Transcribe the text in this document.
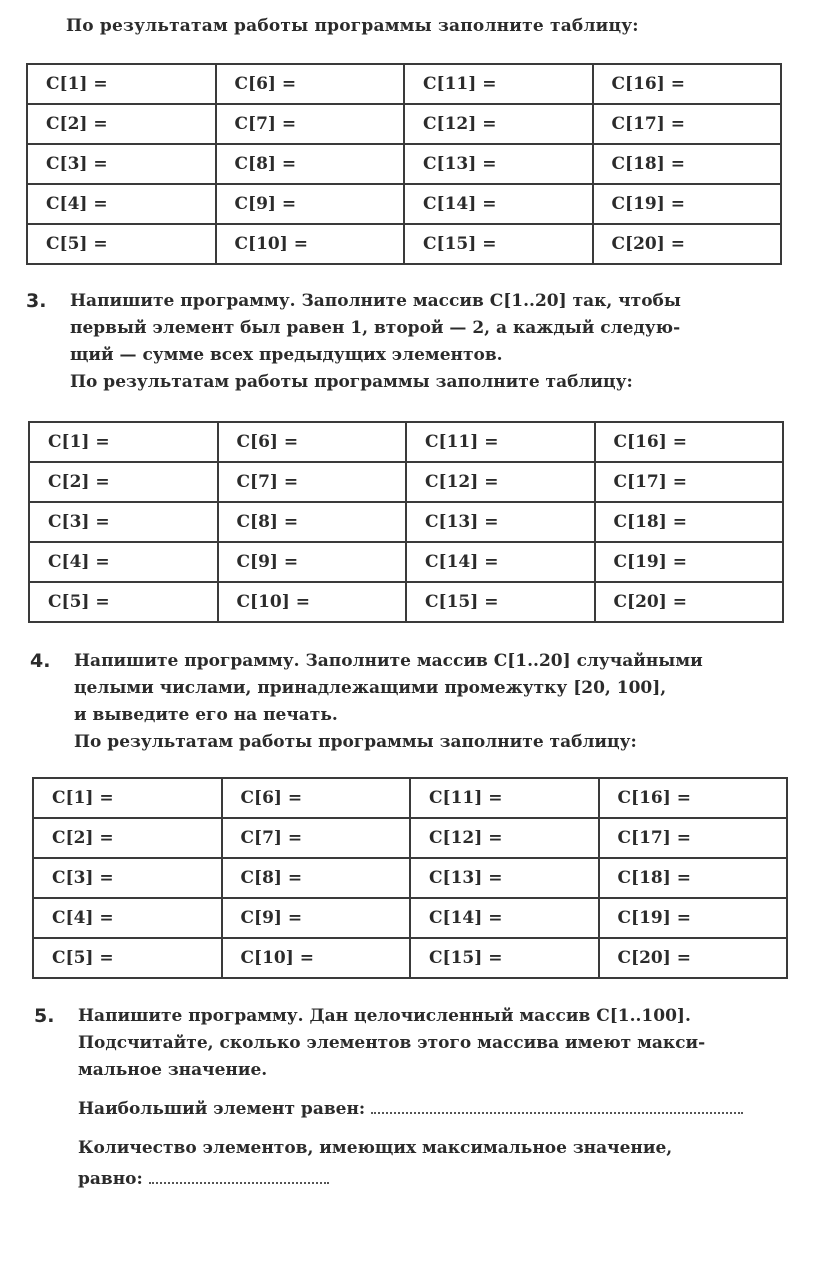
По результатам работы программы заполните таблицу:
C[1] =	C[6] =	C[11] =	C[16] =
C[2] =	C[7] =	C[12] =	C[17] =
C[3] =	C[8] =	C[13] =	C[18] =
C[4] =	C[9] =	C[14] =	C[19] =
C[5] =	C[10] =	C[15] =	C[20] =
3. Напишите программу. Заполните массив C[1..20] так, чтобы

первый элемент был равен 1, второй — 2, а каждый следую-

щий — сумме всех предыдущих элементов.

По результатам работы программы заполните таблицу:

C[1] =	C[6] =	C[11] =	C[16] =
C[2] =	C[7] =	C[12] =	C[17] =
C[3] =	C[8] =	C[13] =	C[18] =
C[4] =	C[9] =	C[14] =	C[19] =
C[5] =	C[10] =	C[15] =	C[20] =
4. Напишите программу. Заполните массив C[1..20] случайными

целыми числами, принадлежащими промежутку [20, 100],

и выведите его на печать.

По результатам работы программы заполните таблицу:

C[1] =	C[6] =	C[11] =	C[16] =
C[2] =	C[7] =	C[12] =	C[17] =
C[3] =	C[8] =	C[13] =	C[18] =
C[4] =	C[9] =	C[14] =	C[19] =
C[5] =	C[10] =	C[15] =	C[20] =
5. Напишите программу. Дан целочисленный массив C[1..100].

Подсчитайте, сколько элементов этого массива имеют макси-

мальное значение.

Наибольший элемент равен:

Количество элементов, имеющих максимальное значение,

равно:
